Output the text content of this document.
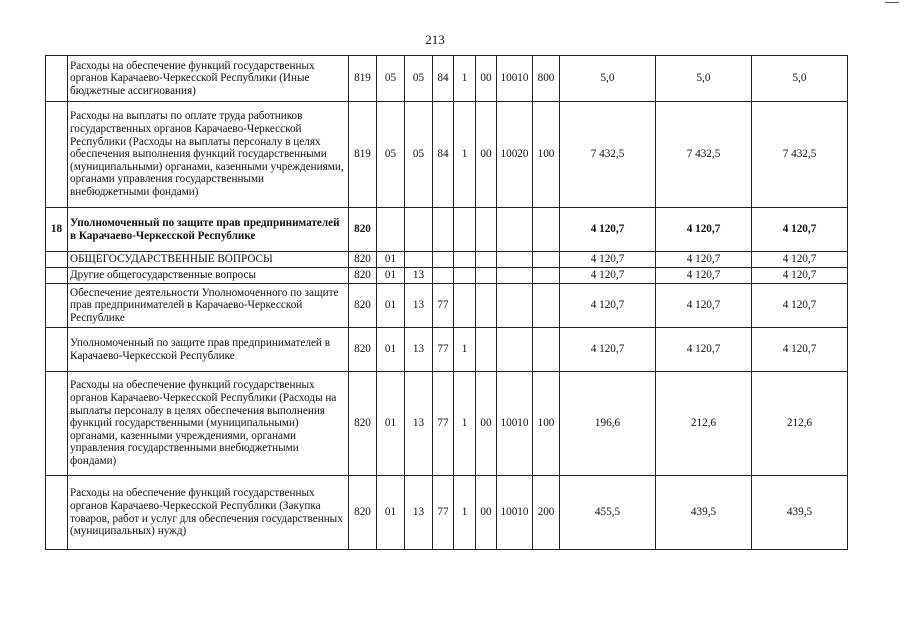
213
	Расходы на обеспечение функций государственных органов Карачаево-Черкесской Республики (Иные бюджетные ассигнования)	819	05	05	84	1	00	10010	800	5,0	5,0	5,0
	Расходы на выплаты по оплате труда работников государственных органов Карачаево-Черкесской Республики (Расходы на выплаты персоналу в целях обеспечения выполнения функций государственными (муниципальными) органами, казенными учреждениями, органами управления государственными внебюджетными фондами)	819	05	05	84	1	00	10020	100	7 432,5	7 432,5	7 432,5
18	Уполномоченный по защите прав предпринимателей в Карачаево-Черкесской Республике	820								4 120,7	4 120,7	4 120,7
	ОБЩЕГОСУДАРСТВЕННЫЕ ВОПРОСЫ	820	01							4 120,7	4 120,7	4 120,7
	Другие общегосударственные вопросы	820	01	13						4 120,7	4 120,7	4 120,7
	Обеспечение деятельности Уполномоченного по защите прав предпринимателей в Карачаево-Черкесской Республике	820	01	13	77					4 120,7	4 120,7	4 120,7
	Уполномоченный по защите прав предпринимателей в Карачаево-Черкесской Республике	820	01	13	77	1				4 120,7	4 120,7	4 120,7
	Расходы на обеспечение функций государственных органов Карачаево-Черкесской Республики (Расходы на выплаты персоналу в целях обеспечения выполнения функций государственными (муниципальными) органами, казенными учреждениями, органами управления государственными внебюджетными фондами)	820	01	13	77	1	00	10010	100	196,6	212,6	212,6
	Расходы на обеспечение функций государственных органов Карачаево-Черкесской Республики (Закупка товаров, работ и услуг для обеспечения государственных (муниципальных) нужд)	820	01	13	77	1	00	10010	200	455,5	439,5	439,5
